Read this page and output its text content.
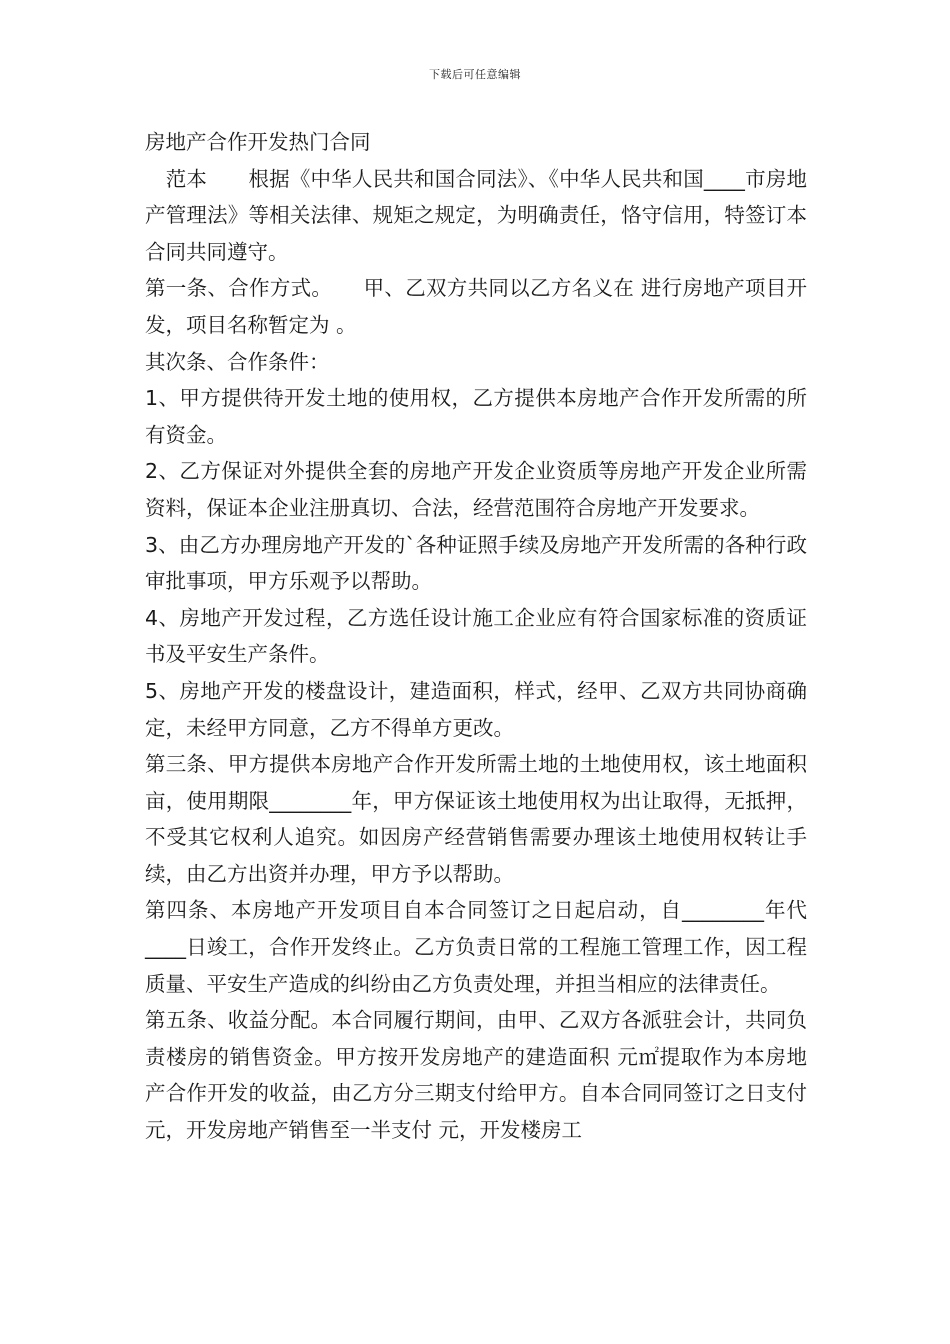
下载后可任意编辑

房地产合作开发热门合同

　范本　　根据《中华人民共和国合同法》、《中华人民共和国____市房地产管理法》等相关法律、规矩之规定，为明确责任，恪守信用，特签订本合同共同遵守。

第一条、合作方式。　　甲、乙双方共同以乙方名义在 进行房地产项目开发，项目名称暂定为 。

其次条、合作条件：

1、甲方提供待开发土地的使用权，乙方提供本房地产合作开发所需的所有资金。

2、乙方保证对外提供全套的房地产开发企业资质等房地产开发企业所需资料，保证本企业注册真切、合法，经营范围符合房地产开发要求。

3、由乙方办理房地产开发的`各种证照手续及房地产开发所需的各种行政审批事项，甲方乐观予以帮助。

4、房地产开发过程，乙方选任设计施工企业应有符合国家标准的资质证书及平安生产条件。

5、房地产开发的楼盘设计，建造面积，样式，经甲、乙双方共同协商确定，未经甲方同意，乙方不得单方更改。

第三条、甲方提供本房地产合作开发所需土地的土地使用权，该土地面积 亩，使用期限________年，甲方保证该土地使用权为出让取得，无抵押，不受其它权利人追究。如因房产经营销售需要办理该土地使用权转让手续，由乙方出资并办理，甲方予以帮助。

第四条、本房地产开发项目自本合同签订之日起启动，自________年代____日竣工，合作开发终止。乙方负责日常的工程施工管理工作，因工程质量、平安生产造成的纠纷由乙方负责处理，并担当相应的法律责任。

第五条、收益分配。本合同履行期间，由甲、乙双方各派驻会计，共同负责楼房的销售资金。甲方按开发房地产的建造面积 元㎡提取作为本房地产合作开发的收益，由乙方分三期支付给甲方。自本合同同签订之日支付 元，开发房地产销售至一半支付 元，开发楼房工
